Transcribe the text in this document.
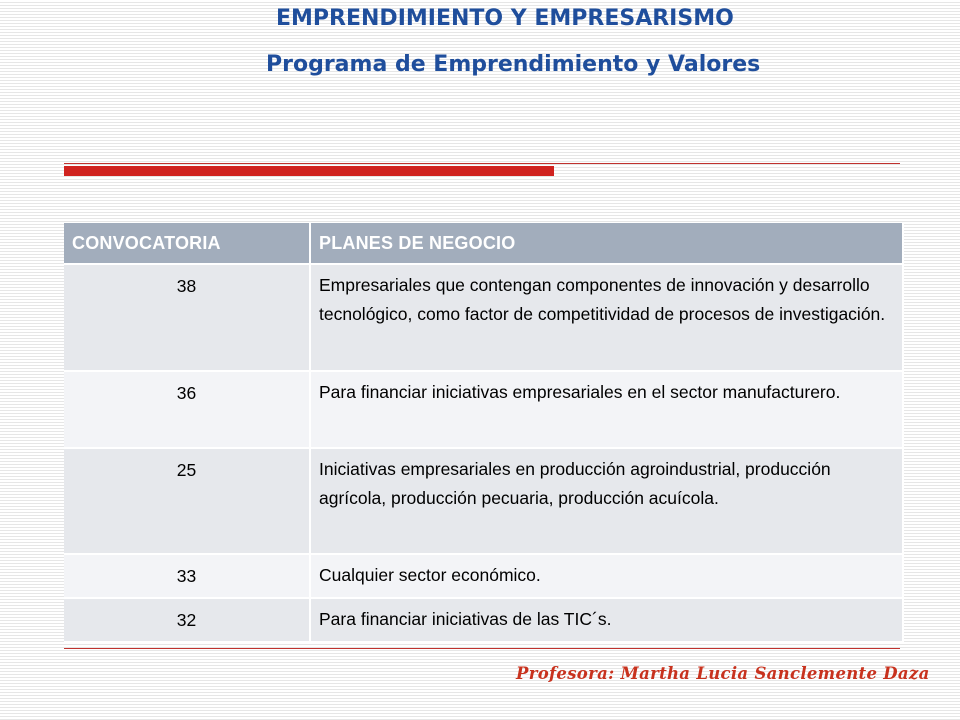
EMPRENDIMIENTO Y EMPRESARISMO
Programa de Emprendimiento y Valores
CONVOCATORIA	PLANES DE NEGOCIO
38	Empresariales que contengan componentes de innovación y desarrollo tecnológico, como factor de competitividad de procesos de investigación.
36	Para financiar iniciativas empresariales en el sector manufacturero.
25	Iniciativas empresariales en producción agroindustrial, producción agrícola, producción pecuaria, producción acuícola.
33	Cualquier sector económico.
32	Para financiar iniciativas de las TIC´s.
Profesora: Martha Lucia Sanclemente Daza
